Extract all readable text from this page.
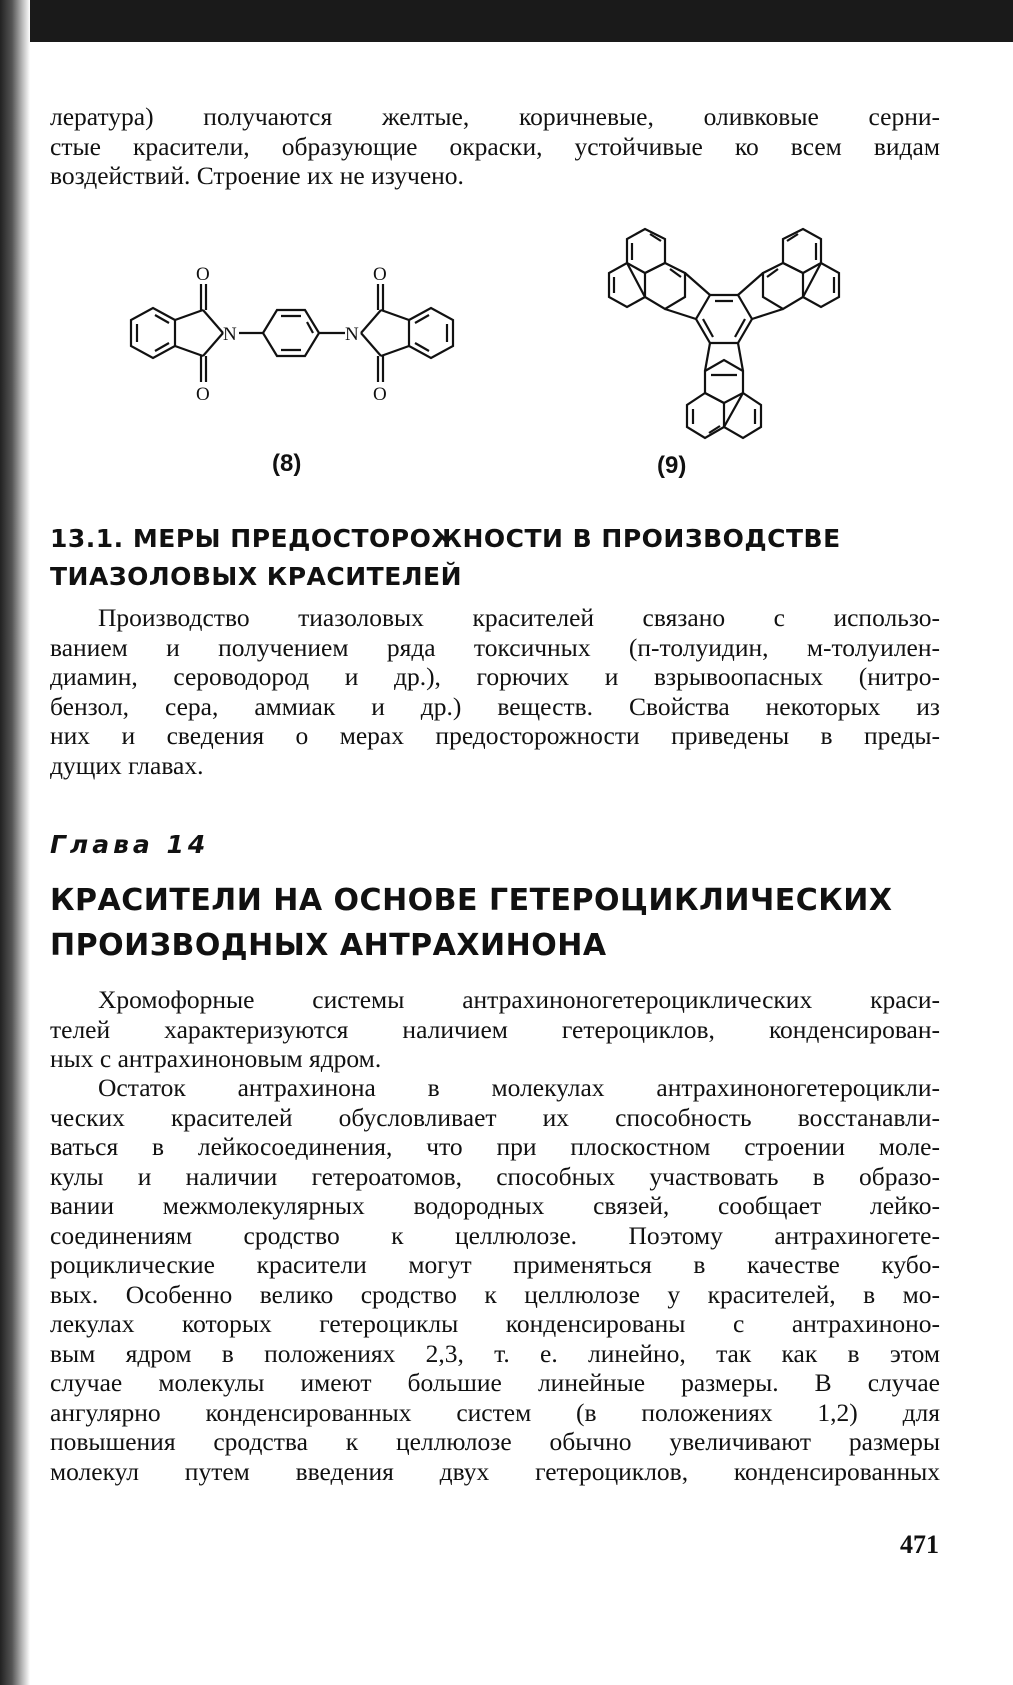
лература) получаются желтые, коричневые, оливковые серни-
стые красители, образующие окраски, устойчивые ко всем видам
воздействий. Строение их не изучено.
O
O
N	N
O
O
(8)	(9)
13.1. МЕРЫ ПРЕДОСТОРОЖНОСТИ В ПРОИЗВОДСТВЕ
ТИАЗОЛОВЫХ КРАСИТЕЛЕЙ
Производство тиазоловых красителей связано с использо-
ванием и получением ряда токсичных (п-толуидин, м-толуилен-
диамин, сероводород и др.), горючих и взрывоопасных (нитро-
бензол, сера, аммиак и др.) веществ. Свойства некоторых из
них и сведения о мерах предосторожности приведены в преды-
дущих главах.
Глава 14
КРАСИТЕЛИ НА ОСНОВЕ ГЕТЕРОЦИКЛИЧЕСКИХ
ПРОИЗВОДНЫХ АНТРАХИНОНА
Хромофорные системы антрахинoногетероциклических краси-
телей характеризуются наличием гетероциклов, конденсирован-
ных с антрахиноновым ядром.
Остаток антрахинона в молекулах антрахиноногетероцикли-
ческих красителей обусловливает их способность восстанавли-
ваться в лейкосоединения, что при плоскостном строении моле-
кулы и наличии гетероатомов, способных участвовать в образо-
вании межмолекулярных водородных связей, сообщает лейко-
соединениям сродство к целлюлозе. Поэтому антрахиногете-
роциклические красители могут применяться в качестве кубо-
вых. Особенно велико сродство к целлюлозе у красителей, в мо-
лекулах которых гетероциклы конденсированы с антрахиноно-
вым ядром в положениях 2,3, т. е. линейно, так как в этом
случае молекулы имеют большие линейные размеры. В случае
ангулярно конденсированных систем (в положениях 1,2) для
повышения сродства к целлюлозе обычно увеличивают размеры
молекул путем введения двух гетероциклов, конденсированных
471
